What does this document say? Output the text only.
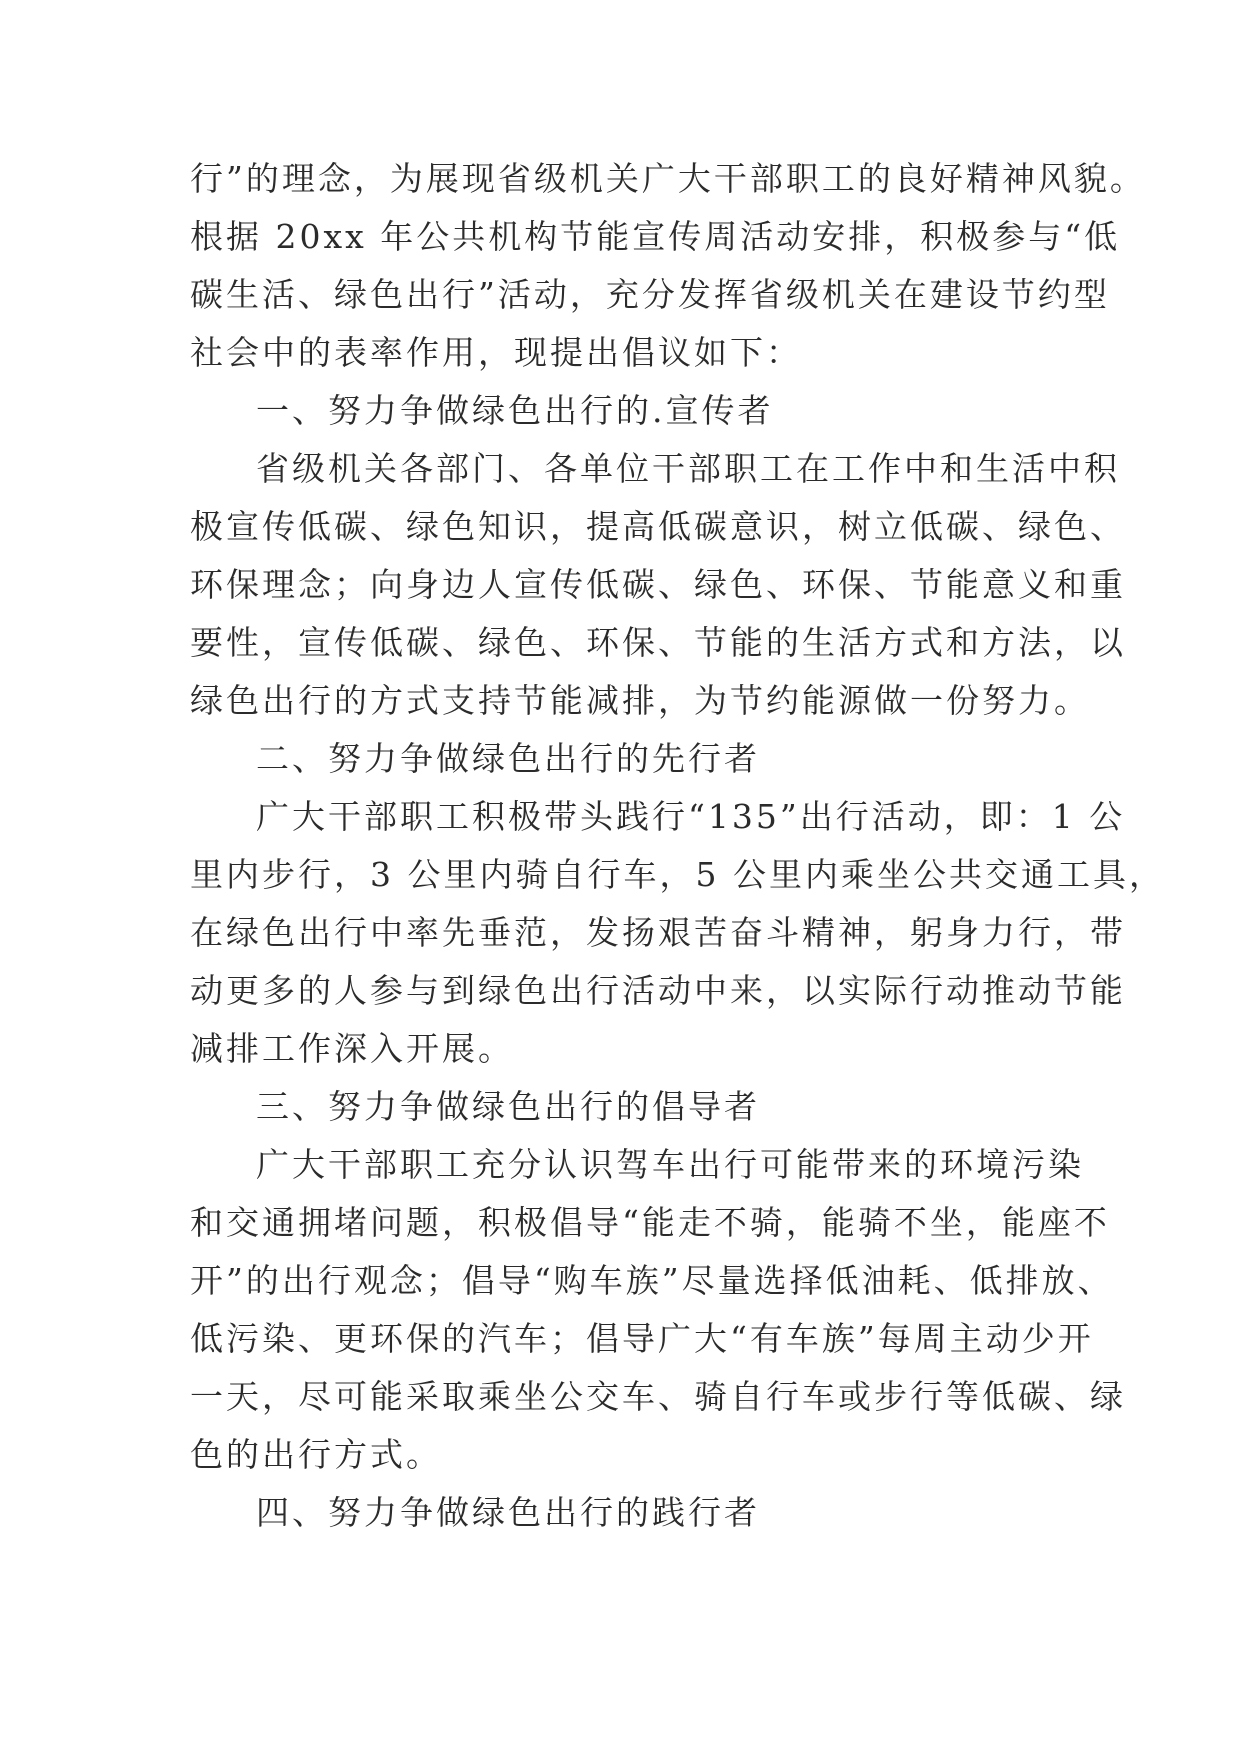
行”的理念，为展现省级机关广大干部职工的良好精神风貌。
根据 20xx 年公共机构节能宣传周活动安排，积极参与“低
碳生活、绿色出行”活动，充分发挥省级机关在建设节约型
社会中的表率作用，现提出倡议如下：
一、努力争做绿色出行的.宣传者
省级机关各部门、各单位干部职工在工作中和生活中积
极宣传低碳、绿色知识，提高低碳意识，树立低碳、绿色、
环保理念；向身边人宣传低碳、绿色、环保、节能意义和重
要性，宣传低碳、绿色、环保、节能的生活方式和方法，以
绿色出行的方式支持节能减排，为节约能源做一份努力。
二、努力争做绿色出行的先行者
广大干部职工积极带头践行“135”出行活动，即：1 公
里内步行，3 公里内骑自行车，5 公里内乘坐公共交通工具，
在绿色出行中率先垂范，发扬艰苦奋斗精神，躬身力行，带
动更多的人参与到绿色出行活动中来，以实际行动推动节能
减排工作深入开展。
三、努力争做绿色出行的倡导者
广大干部职工充分认识驾车出行可能带来的环境污染
和交通拥堵问题，积极倡导“能走不骑，能骑不坐，能座不
开”的出行观念；倡导“购车族”尽量选择低油耗、低排放、
低污染、更环保的汽车；倡导广大“有车族”每周主动少开
一天，尽可能采取乘坐公交车、骑自行车或步行等低碳、绿
色的出行方式。
四、努力争做绿色出行的践行者
